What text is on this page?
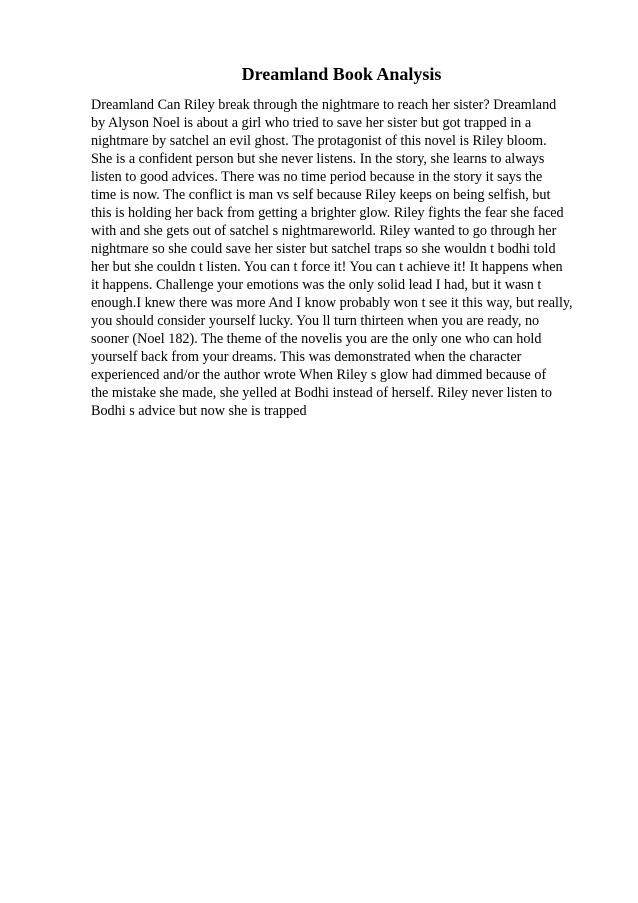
Dreamland Book Analysis
Dreamland Can Riley break through the nightmare to reach her sister? Dreamland
by Alyson Noel is about a girl who tried to save her sister but got trapped in a
nightmare by satchel an evil ghost. The protagonist of this novel is Riley bloom.
She is a confident person but she never listens. In the story, she learns to always
listen to good advices. There was no time period because in the story it says the
time is now. The conflict is man vs self because Riley keeps on being selfish, but
this is holding her back from getting a brighter glow. Riley fights the fear she faced
with and she gets out of satchel s nightmareworld. Riley wanted to go through her
nightmare so she could save her sister but satchel traps so she wouldn t bodhi told
her but she couldn t listen. You can t force it! You can t achieve it! It happens when
it happens. Challenge your emotions was the only solid lead I had, but it wasn t
enough.I knew there was more And I know probably won t see it this way, but really,
you should consider yourself lucky. You ll turn thirteen when you are ready, no
sooner (Noel 182). The theme of the novelis you are the only one who can hold
yourself back from your dreams. This was demonstrated when the character
experienced and/or the author wrote When Riley s glow had dimmed because of
the mistake she made, she yelled at Bodhi instead of herself. Riley never listen to
Bodhi s advice but now she is trapped
